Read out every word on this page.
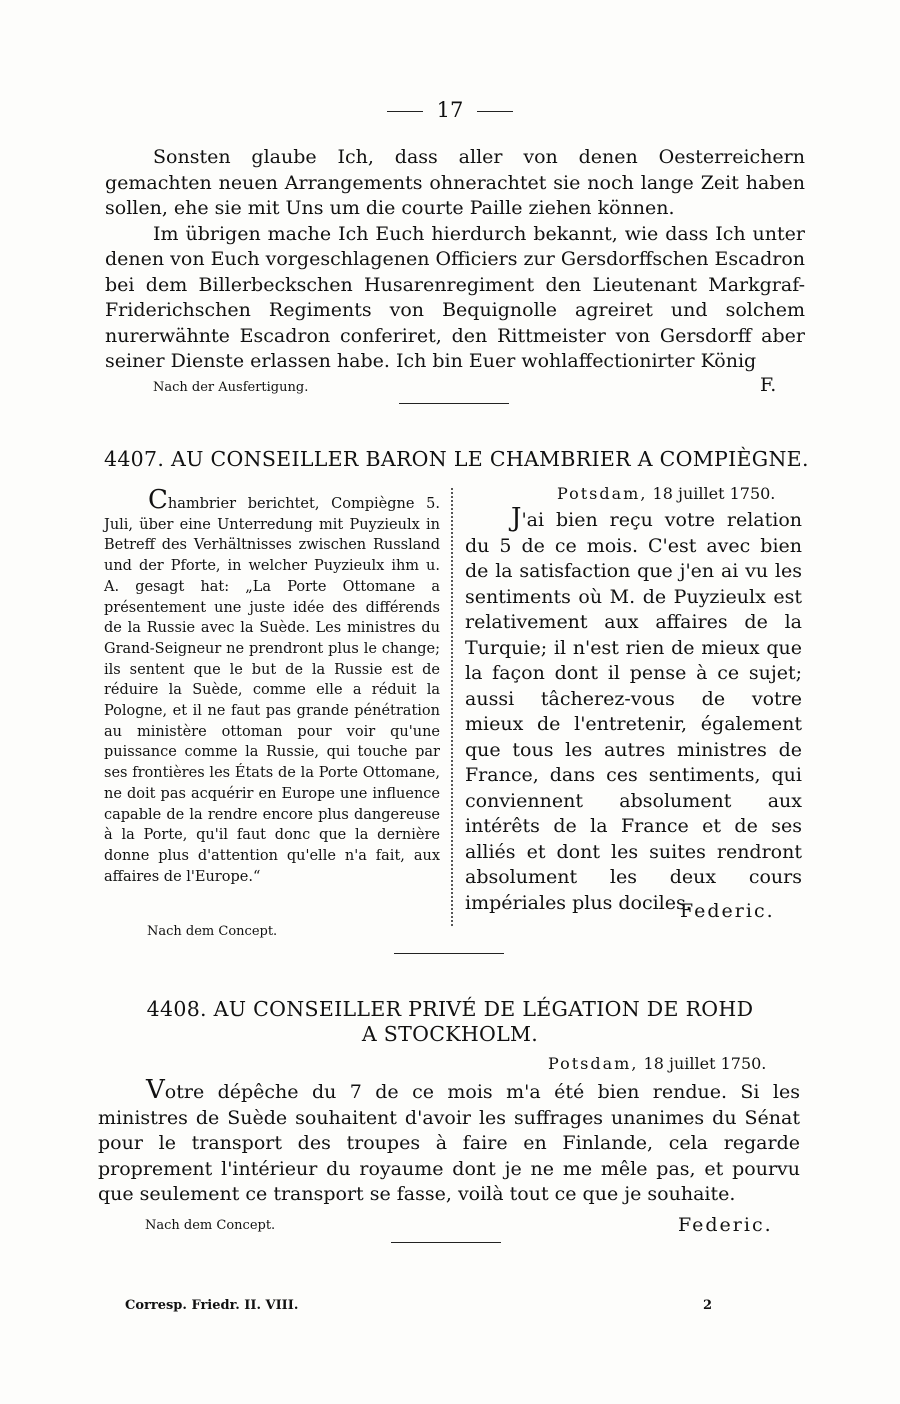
17

Sonsten glaube Ich, dass aller von denen Oesterreichern gemachten neuen Arrangements ohnerachtet sie noch lange Zeit haben sollen, ehe sie mit Uns um die courte Paille ziehen können.

Im übrigen mache Ich Euch hierdurch bekannt, wie dass Ich unter denen von Euch vorgeschlagenen Officiers zur Gersdorffschen Escadron bei dem Billerbeckschen Husarenregiment den Lieutenant Markgraf-Friderichschen Regiments von Bequignolle agreiret und solchem nurerwähnte Escadron conferiret, den Rittmeister von Gersdorff aber seiner Dienste erlassen habe. Ich bin Euer wohlaffectionirter König

Nach der Ausfertigung.	F.
4407. AU CONSEILLER BARON LE CHAMBRIER A COMPIÈGNE.

Chambrier berichtet, Compiègne 5. Juli, über eine Unterredung mit Puyzieulx in Betreff des Verhältnisses zwischen Russland und der Pforte, in welcher Puyzieulx ihm u. A. gesagt hat: „La Porte Ottomane a présentement une juste idée des différends de la Russie avec la Suède. Les ministres du Grand-Seigneur ne prendront plus le change; ils sentent que le but de la Russie est de réduire la Suède, comme elle a réduit la Pologne, et il ne faut pas grande pénétration au ministère ottoman pour voir qu'une puissance comme la Russie, qui touche par ses frontières les États de la Porte Ottomane, ne doit pas acquérir en Europe une influence capable de la rendre encore plus dangereuse à la Porte, qu'il faut donc que la dernière donne plus d'attention qu'elle n'a fait, aux affaires de l'Europe.“

Nach dem Concept.
Potsdam, 18 juillet 1750.

J'ai bien reçu votre relation du 5 de ce mois. C'est avec bien de la satisfaction que j'en ai vu les sentiments où M. de Puyzieulx est relativement aux affaires de la Turquie; il n'est rien de mieux que la façon dont il pense à ce sujet; aussi tâcherez-vous de votre mieux de l'entretenir, également que tous les autres ministres de France, dans ces sentiments, qui conviennent absolument aux intérêts de la France et de ses alliés et dont les suites rendront absolument les deux cours impériales plus dociles.

Federic.
4408. AU CONSEILLER PRIVÉ DE LÉGATION DE ROHD
A STOCKHOLM.
Potsdam, 18 juillet 1750.

Votre dépêche du 7 de ce mois m'a été bien rendue. Si les ministres de Suède souhaitent d'avoir les suffrages unanimes du Sénat pour le transport des troupes à faire en Finlande, cela regarde proprement l'intérieur du royaume dont je ne me mêle pas, et pourvu que seulement ce transport se fasse, voilà tout ce que je souhaite.

Nach dem Concept.	Federic.
Corresp. Friedr. II. VIII.	2
